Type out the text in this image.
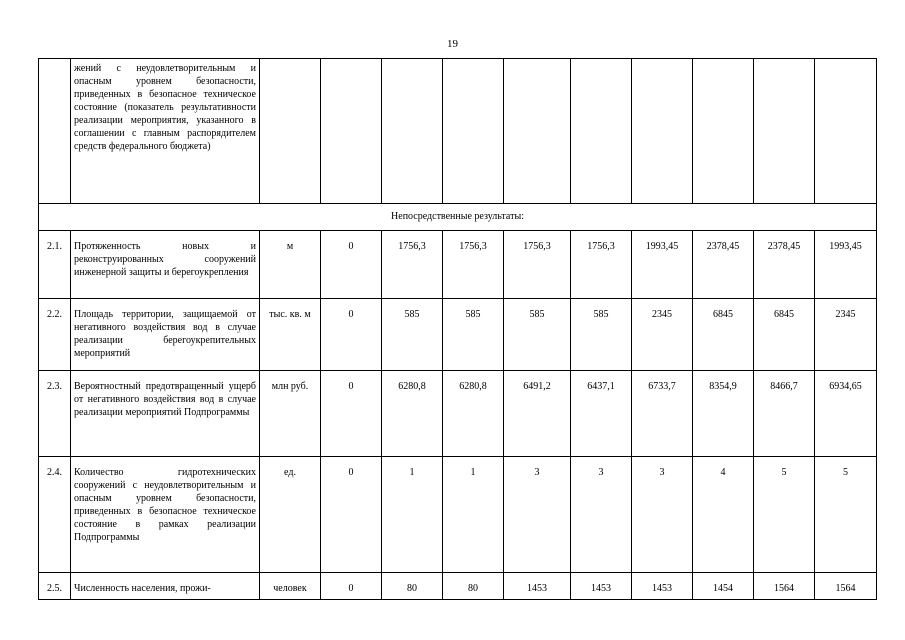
19
	жений с неудовлетворительным и опасным уровнем безопасности, приведенных в безопасное техническое состояние (показатель результативности реализации мероприятия, указанного в соглашении с главным распорядителем средств федерального бюджета)										
Непосредственные результаты:											
2.1.	Протяженность новых и реконструированных сооружений инженерной защиты и берегоукрепления	м	0	1756,3	1756,3	1756,3	1756,3	1993,45	2378,45	2378,45	1993,45
2.2.	Площадь территории, защищаемой от негативного воздействия вод в случае реализации берегоукрепительных мероприятий	тыс. кв. м	0	585	585	585	585	2345	6845	6845	2345
2.3.	Вероятностный предотвращенный ущерб от негативного воздействия вод в случае реализации мероприятий Подпрограммы	млн руб.	0	6280,8	6280,8	6491,2	6437,1	6733,7	8354,9	8466,7	6934,65
2.4.	Количество гидротехнических сооружений с неудовлетворительным и опасным уровнем безопасности, приведенных в безопасное техническое состояние в рамках реализации Подпрограммы	ед.	0	1	1	3	3	3	4	5	5
2.5.	Численность населения, прожи-	человек	0	80	80	1453	1453	1453	1454	1564	1564
